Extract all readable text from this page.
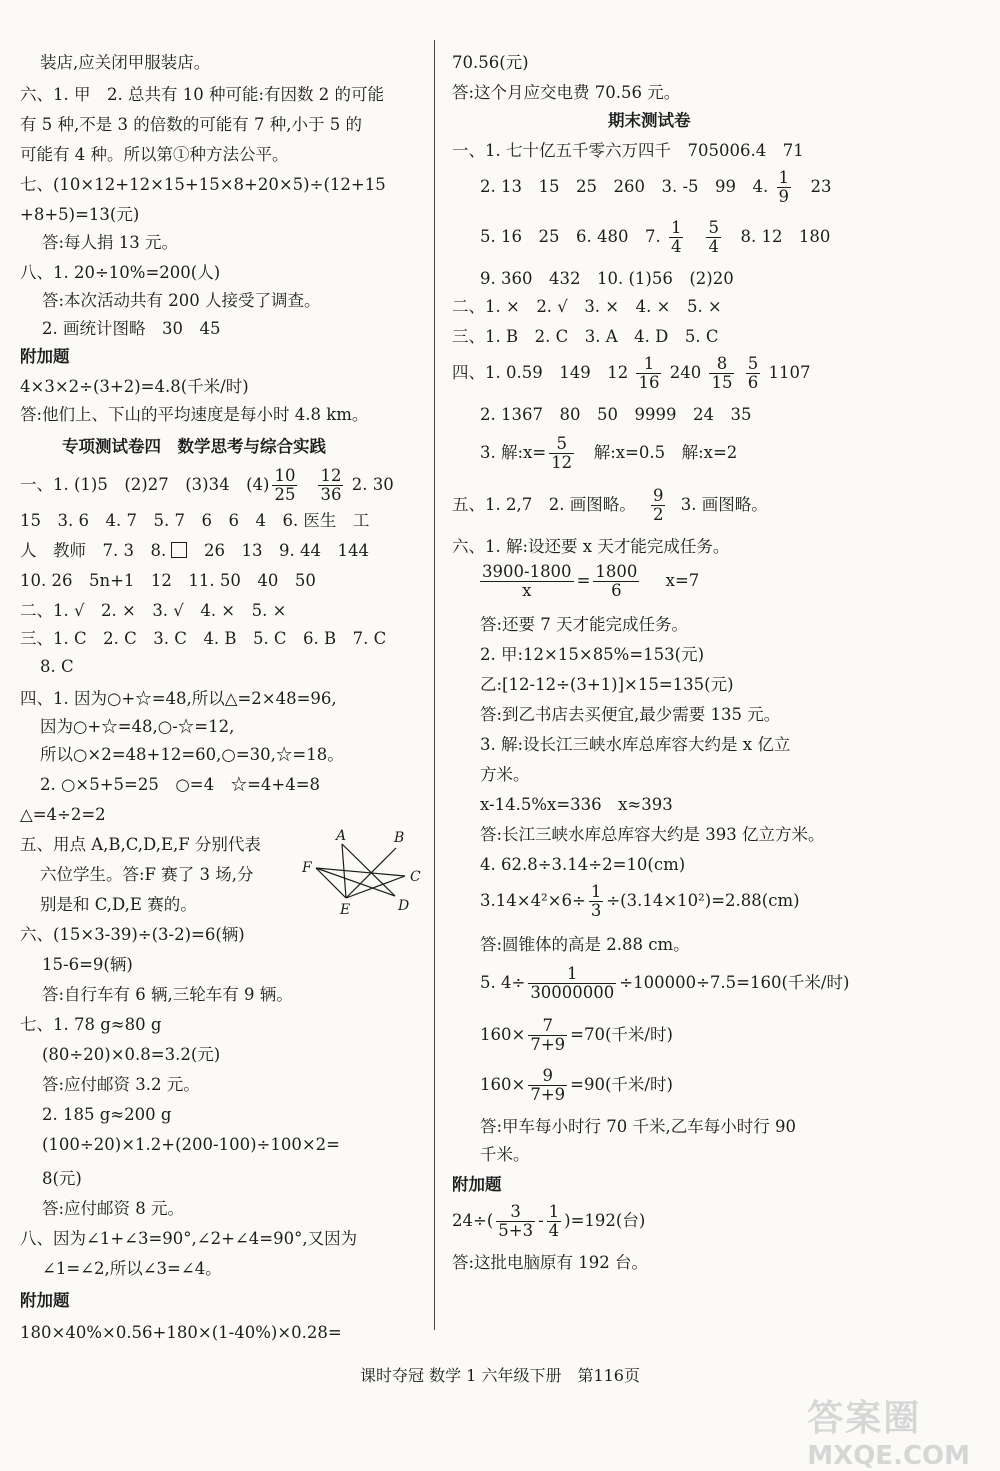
装店,应关闭甲服装店。
六、1. 甲　2. 总共有 10 种可能:有因数 2 的可能
有 5 种,不是 3 的倍数的可能有 7 种,小于 5 的
可能有 4 种。所以第①种方法公平。
七、(10×12+12×15+15×8+20×5)÷(12+15
+8+5)=13(元)
答:每人捐 13 元。
八、1. 20÷10%=200(人)
答:本次活动共有 200 人接受了调查。
2. 画统计图略　30　45
附加题
4×3×2÷(3+2)=4.8(千米/时)
答:他们上、下山的平均速度是每小时 4.8 km。
专项测试卷四　数学思考与综合实践
一、1. (1)5　(2)27　(3)34　$(4) \frac{10}{25} \frac{12}{36} 2$. 30
15　3. 6　4. 7　5. 7　6　6　4　6. 医生　工
人　教师　7. 3　8. 　26　13　9. 44　144
10. 26　5n+1　12　11. 50　40　50
二、1. √　2. ×　3. √　4. ×　5. ×
三、1. C　2. C　3. C　4. B　5. C　6. B　7. C
8. C
四、1. 因为○+☆=48,所以△=2×48=96,
因为○+☆=48,○-☆=12,
所以○×2=48+12=60,○=30,☆=18。
2. ○×5+5=25　○=4　☆=4+4=8
△=4÷2=2
五、用点 A,B,C,D,E,F 分别代表
六位学生。答:F 赛了 3 场,分
别是和 C,D,E 赛的。
A	B
C
D
E
F
六、(15×3-39)÷(3-2)=6(辆)
15-6=9(辆)
答:自行车有 6 辆,三轮车有 9 辆。
七、1. 78 g≈80 g
(80÷20)×0.8=3.2(元)
答:应付邮资 3.2 元。
2. 185 g≈200 g
(100÷20)×1.2+(200-100)÷100×2=
8(元)
答:应付邮资 8 元。
八、因为∠1+∠3=90°,∠2+∠4=90°,又因为
∠1=∠2,所以∠3=∠4。
附加题
180×40%×0.56+180×(1-40%)×0.28=
70.56(元)
答:这个月应交电费 70.56 元。
期末测试卷
一、1. 七十亿五千零六万四千　705006.4　71
2. 13　15　25　260　3. -5　99　4. $\frac{1}{9}$ 　23
5. 16　25　6. 480　7. $\frac{1}{4} \frac{5}{4}$ 　8. 12　180
9. 360　432　10. (1)56　(2)20
二、1. ×　2. √　3. ×　4. ×　5. ×
三、1. B　2. C　3. A　4. D　5. C
四、1. 0.59　149　$12 \frac{1}{16} 240 \frac{8}{15}$
$\frac{5}{6} 1107$
2. 1367　80　50　9999　24　35
3. 解:x= $\frac{5}{12}$ 　解:x=0.5　解:x=2
五、1. 2,7　2. 画图略。 $\frac{9}{2} 3$. 画图略。
六、1. 解:设还要 x 天才能完成任务。
$\frac{3900-1800}{x} = \frac{1800}{6} x=7$
答:还要 7 天才能完成任务。
2. 甲:12×15×85%=153(元)
乙:[12-12÷(3+1)]×15=135(元)
答:到乙书店去买便宜,最少需要 135 元。
3. 解:设长江三峡水库总库容大约是 x 亿立
方米。
x-14.5%x=336　x≈393
答:长江三峡水库总库容大约是 393 亿立方米。
4. 62.8÷3.14÷2=10(cm)
$3.14\times 4^2\times 6\div \frac{1}{3} \div(3.14\times 10^2)=2.88(cm)$
答:圆锥体的高是 2.88 cm。
5. $4\div \frac{1}{30000000} \div 100000\div 7.5=160$(千米/时)
$160\times \frac{7}{7+9} =70$(千米/时)
$160\times \frac{9}{7+9} =90$(千米/时)
答:甲车每小时行 70 千米,乙车每小时行 90
千米。
附加题
$24\div( \frac{3}{5+3} - \frac{1}{4} )=192$(台)
答:这批电脑原有 192 台。
课时夺冠 数学 1 六年级下册　第116页
答案圈
MXQE.COM
